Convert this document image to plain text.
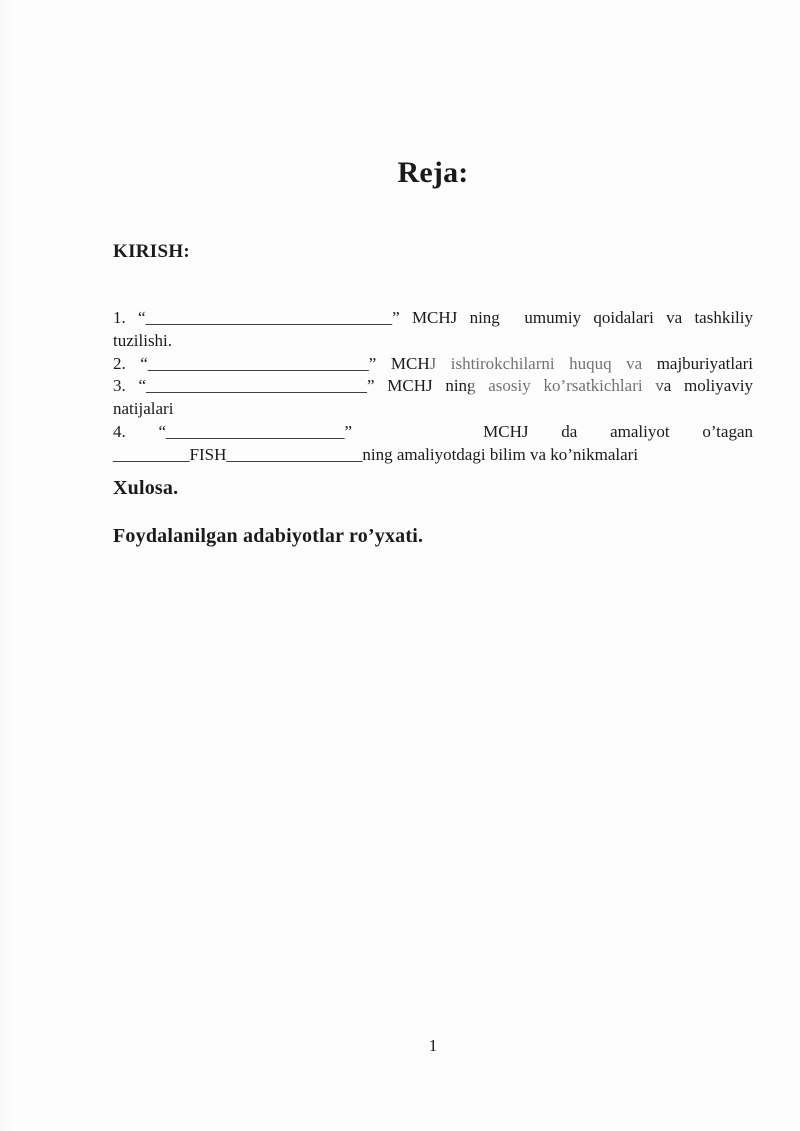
Reja:
KIRISH:
1. “_____________________________” MCHJ ning  umumiy qoidalari va tashkiliy
tuzilishi.
2. “__________________________” MCHJ ishtirokchilarni huquq va majburiyatlari
3. “__________________________” MCHJ ning asosiy ko’rsatkichlari va moliyaviy
natijalari
4. “_____________________”    MCHJ da amaliyot o’tagan
_________FISH________________ning amaliyotdagi bilim va ko’nikmalari
Xulosa.
Foydalanilgan adabiyotlar ro’yxati.
1
